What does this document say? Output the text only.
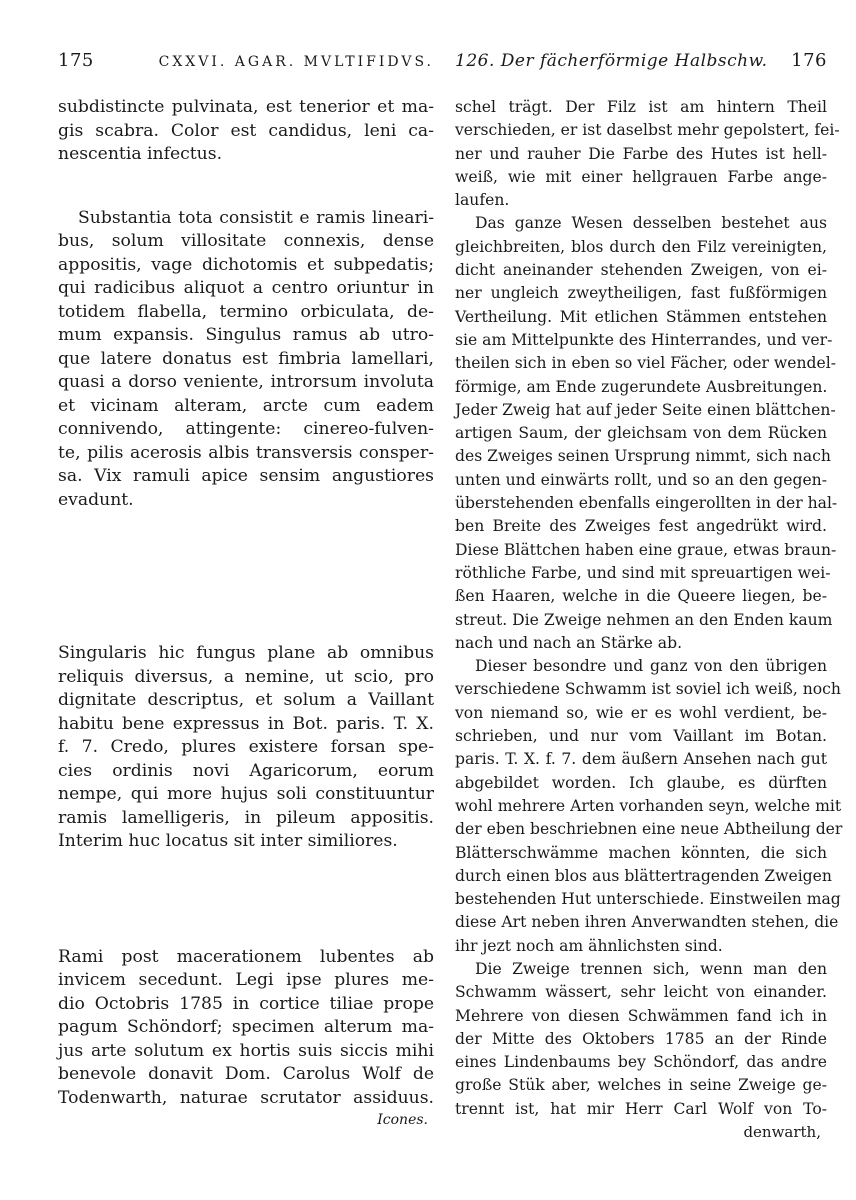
175	CXXVI. AGAR. MVLTIFIDVS.
subdistincte pulvinata, est tenerior et ma-
gis scabra. Color est candidus, leni ca-
nescentia infectus.
Substantia tota consistit e ramis lineari-
bus, solum villositate connexis, dense
appositis, vage dichotomis et subpedatis;
qui radicibus aliquot a centro oriuntur in
totidem flabella, termino orbiculata, de-
mum expansis. Singulus ramus ab utro-
que latere donatus est fimbria lamellari,
quasi a dorso veniente, introrsum involuta
et vicinam alteram, arcte cum eadem
connivendo, attingente: cinereo-fulven-
te, pilis acerosis albis transversis consper-
sa. Vix ramuli apice sensim angustiores
evadunt.
Singularis hic fungus plane ab omnibus
reliquis diversus, a nemine, ut scio, pro
dignitate descriptus, et solum a Vaillant
habitu bene expressus in Bot. paris. T. X.
f. 7. Credo, plures existere forsan spe-
cies ordinis novi Agaricorum, eorum
nempe, qui more hujus soli constituuntur
ramis lamelligeris, in pileum appositis.
Interim huc locatus sit inter similiores.
Rami post macerationem lubentes ab
invicem secedunt. Legi ipse plures me-
dio Octobris 1785 in cortice tiliae prope
pagum Schöndorf; specimen alterum ma-
jus arte solutum ex hortis suis siccis mihi
benevole donavit Dom. Carolus Wolf de
Todenwarth, naturae scrutator assiduus.
Icones.
126. Der fächerförmige Halbschw. 176
schel trägt. Der Filz ist am hintern Theil
verschieden, er ist daselbst mehr gepolstert, fei-
ner und rauher Die Farbe des Hutes ist hell-
weiß, wie mit einer hellgrauen Farbe ange-
laufen.
Das ganze Wesen desselben bestehet aus
gleichbreiten, blos durch den Filz vereinigten,
dicht aneinander stehenden Zweigen, von ei-
ner ungleich zweytheiligen, fast fußförmigen
Vertheilung. Mit etlichen Stämmen entstehen
sie am Mittelpunkte des Hinterrandes, und ver-
theilen sich in eben so viel Fächer, oder wendel-
förmige, am Ende zugerundete Ausbreitungen.
Jeder Zweig hat auf jeder Seite einen blättchen-
artigen Saum, der gleichsam von dem Rücken
des Zweiges seinen Ursprung nimmt, sich nach
unten und einwärts rollt, und so an den gegen-
überstehenden ebenfalls eingerollten in der hal-
ben Breite des Zweiges fest angedrükt wird.
Diese Blättchen haben eine graue, etwas braun-
röthliche Farbe, und sind mit spreuartigen wei-
ßen Haaren, welche in die Queere liegen, be-
streut. Die Zweige nehmen an den Enden kaum
nach und nach an Stärke ab.
Dieser besondre und ganz von den übrigen
verschiedene Schwamm ist soviel ich weiß, noch
von niemand so, wie er es wohl verdient, be-
schrieben, und nur vom Vaillant im Botan.
paris. T. X. f. 7. dem äußern Ansehen nach gut
abgebildet worden. Ich glaube, es dürften
wohl mehrere Arten vorhanden seyn, welche mit
der eben beschriebnen eine neue Abtheilung der
Blätterschwämme machen könnten, die sich
durch einen blos aus blättertragenden Zweigen
bestehenden Hut unterschiede. Einstweilen mag
diese Art neben ihren Anverwandten stehen, die
ihr jezt noch am ähnlichsten sind.
Die Zweige trennen sich, wenn man den
Schwamm wässert, sehr leicht von einander.
Mehrere von diesen Schwämmen fand ich in
der Mitte des Oktobers 1785 an der Rinde
eines Lindenbaums bey Schöndorf, das andre
große Stük aber, welches in seine Zweige ge-
trennt ist, hat mir Herr Carl Wolf von To-
denwarth,
